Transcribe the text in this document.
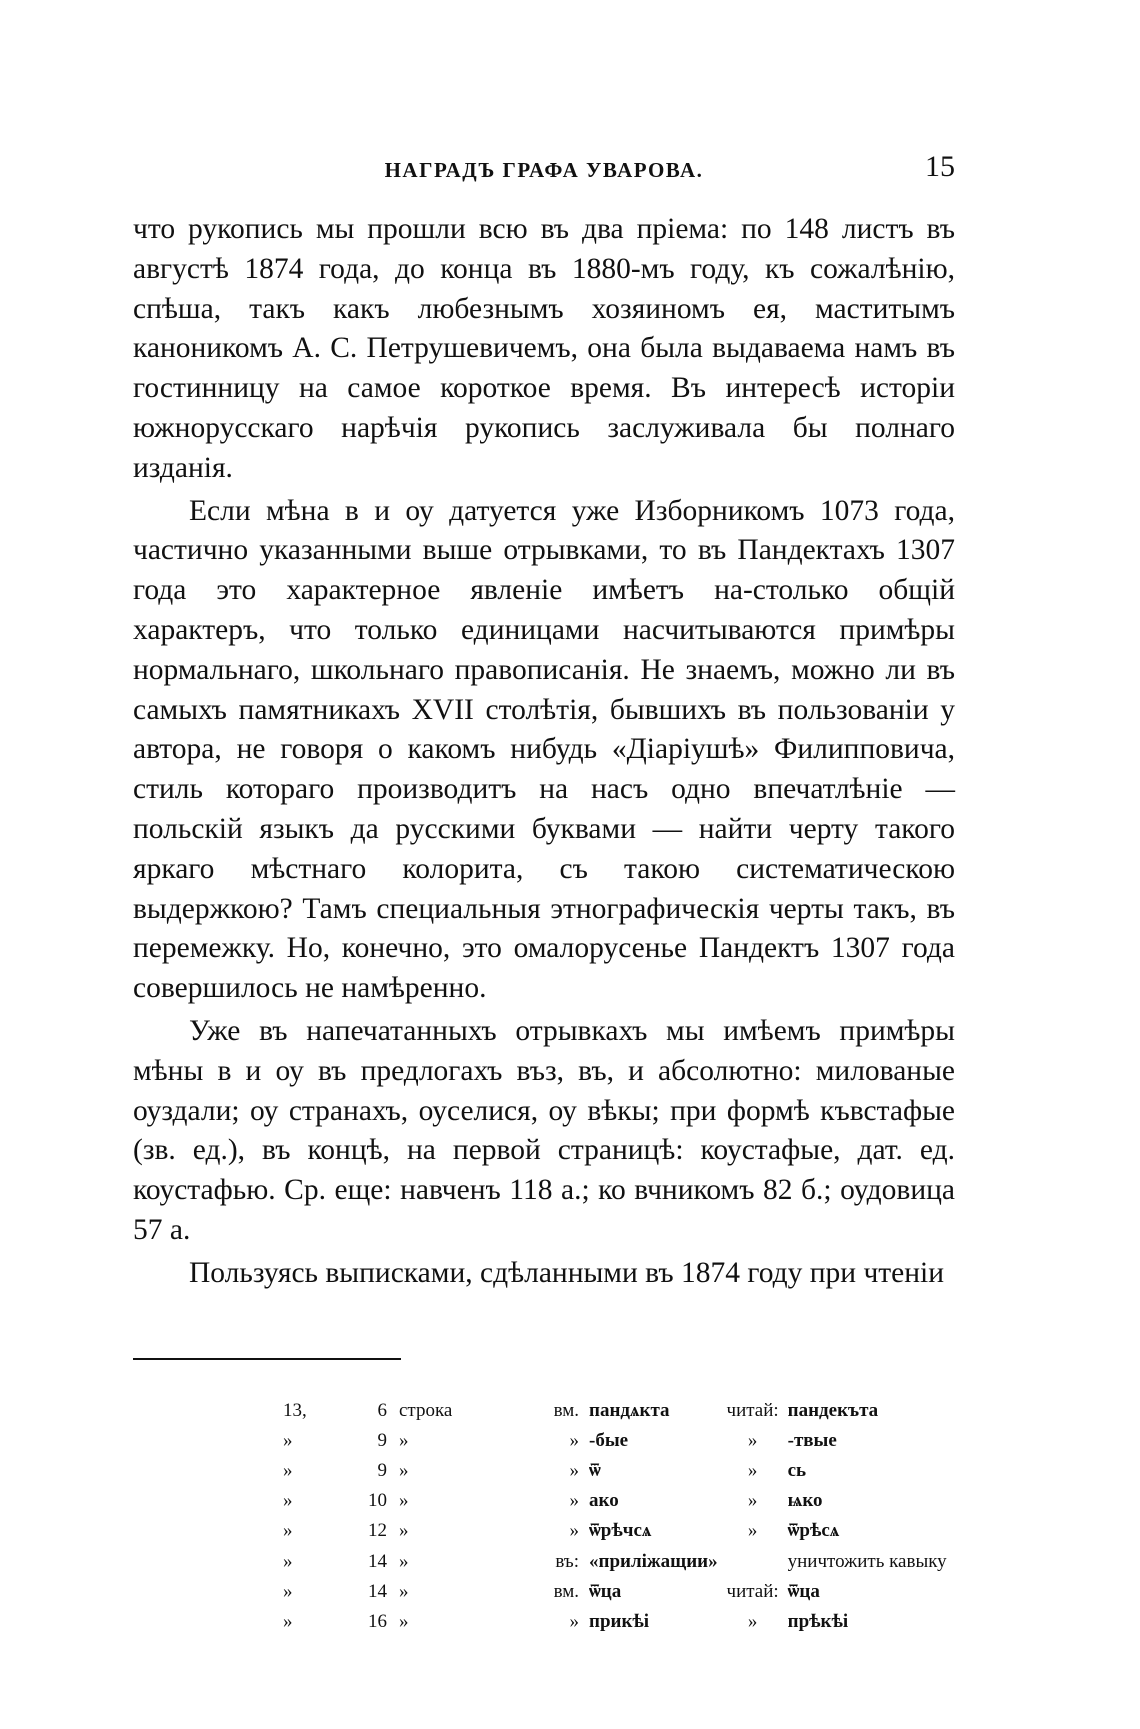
НАГРАДЪ ГРАФА УВАРОВА.	15

что рукопись мы прошли всю въ два пріема: по 148 листъ въ августѣ 1874 года, до конца въ 1880-мъ году, къ сожалѣнію, спѣша, такъ какъ любезнымъ хозяиномъ ея, маститымъ каноникомъ А. С. Петрушевичемъ, она была выдаваема намъ въ гостинницу на самое короткое время. Въ интересѣ исторіи южнорусскаго нарѣчія рукопись заслуживала бы полнаго изданія.

Если мѣна в и оу датуется уже Изборникомъ 1073 года, частично указанными выше отрывками, то въ Пандектахъ 1307 года это характерное явленіе имѣетъ на-столько общій характеръ, что только единицами насчитываются примѣры нормальнаго, школьнаго правописанія. Не знаемъ, можно ли въ самыхъ памятникахъ XVII столѣтія, бывшихъ въ пользованіи у автора, не говоря о какомъ нибудь «Діаріушѣ» Филипповича, стиль котораго производитъ на насъ одно впечатлѣніе — польскій языкъ да русскими буквами — найти черту такого яркаго мѣстнаго колорита, съ такою систематическою выдержкою? Тамъ специальныя этнографическія черты такъ, въ перемежку. Но, конечно, это омалорусенье Пандектъ 1307 года совершилось не намѣренно.

Уже въ напечатанныхъ отрывкахъ мы имѣемъ примѣры мѣны в и оу въ предлогахъ въз, въ, и абсолютно: милованые оуздали; оу странахъ, оуселися, оу вѣкы; при формѣ къвстафые (зв. ед.), въ концѣ, на первой страницѣ: коустафые, дат. ед. коустафью. Ср. еще: навченъ 118 а.; ко вчникомъ 82 б.; оудовица 57 а.

Пользуясь выписками, сдѣланными въ 1874 году при чтеніи

13,	6	строка	вм.	пандѧкта	читай:	пандекъта
»	9	»	»	-бые	»	-твые
»	9	»	»	ѿ	»	сь
»	10	»	»	ако	»	ѩко
»	12	»	»	ѿрѣчсѧ	»	ѿрѣсѧ
»	14	»	въ:	«приліжащии»		уничтожить кавыку
»	14	»	вм.	ѿца	читай:	ѿца
»	16	»	»	прикѣi	»	прѣкѣi
